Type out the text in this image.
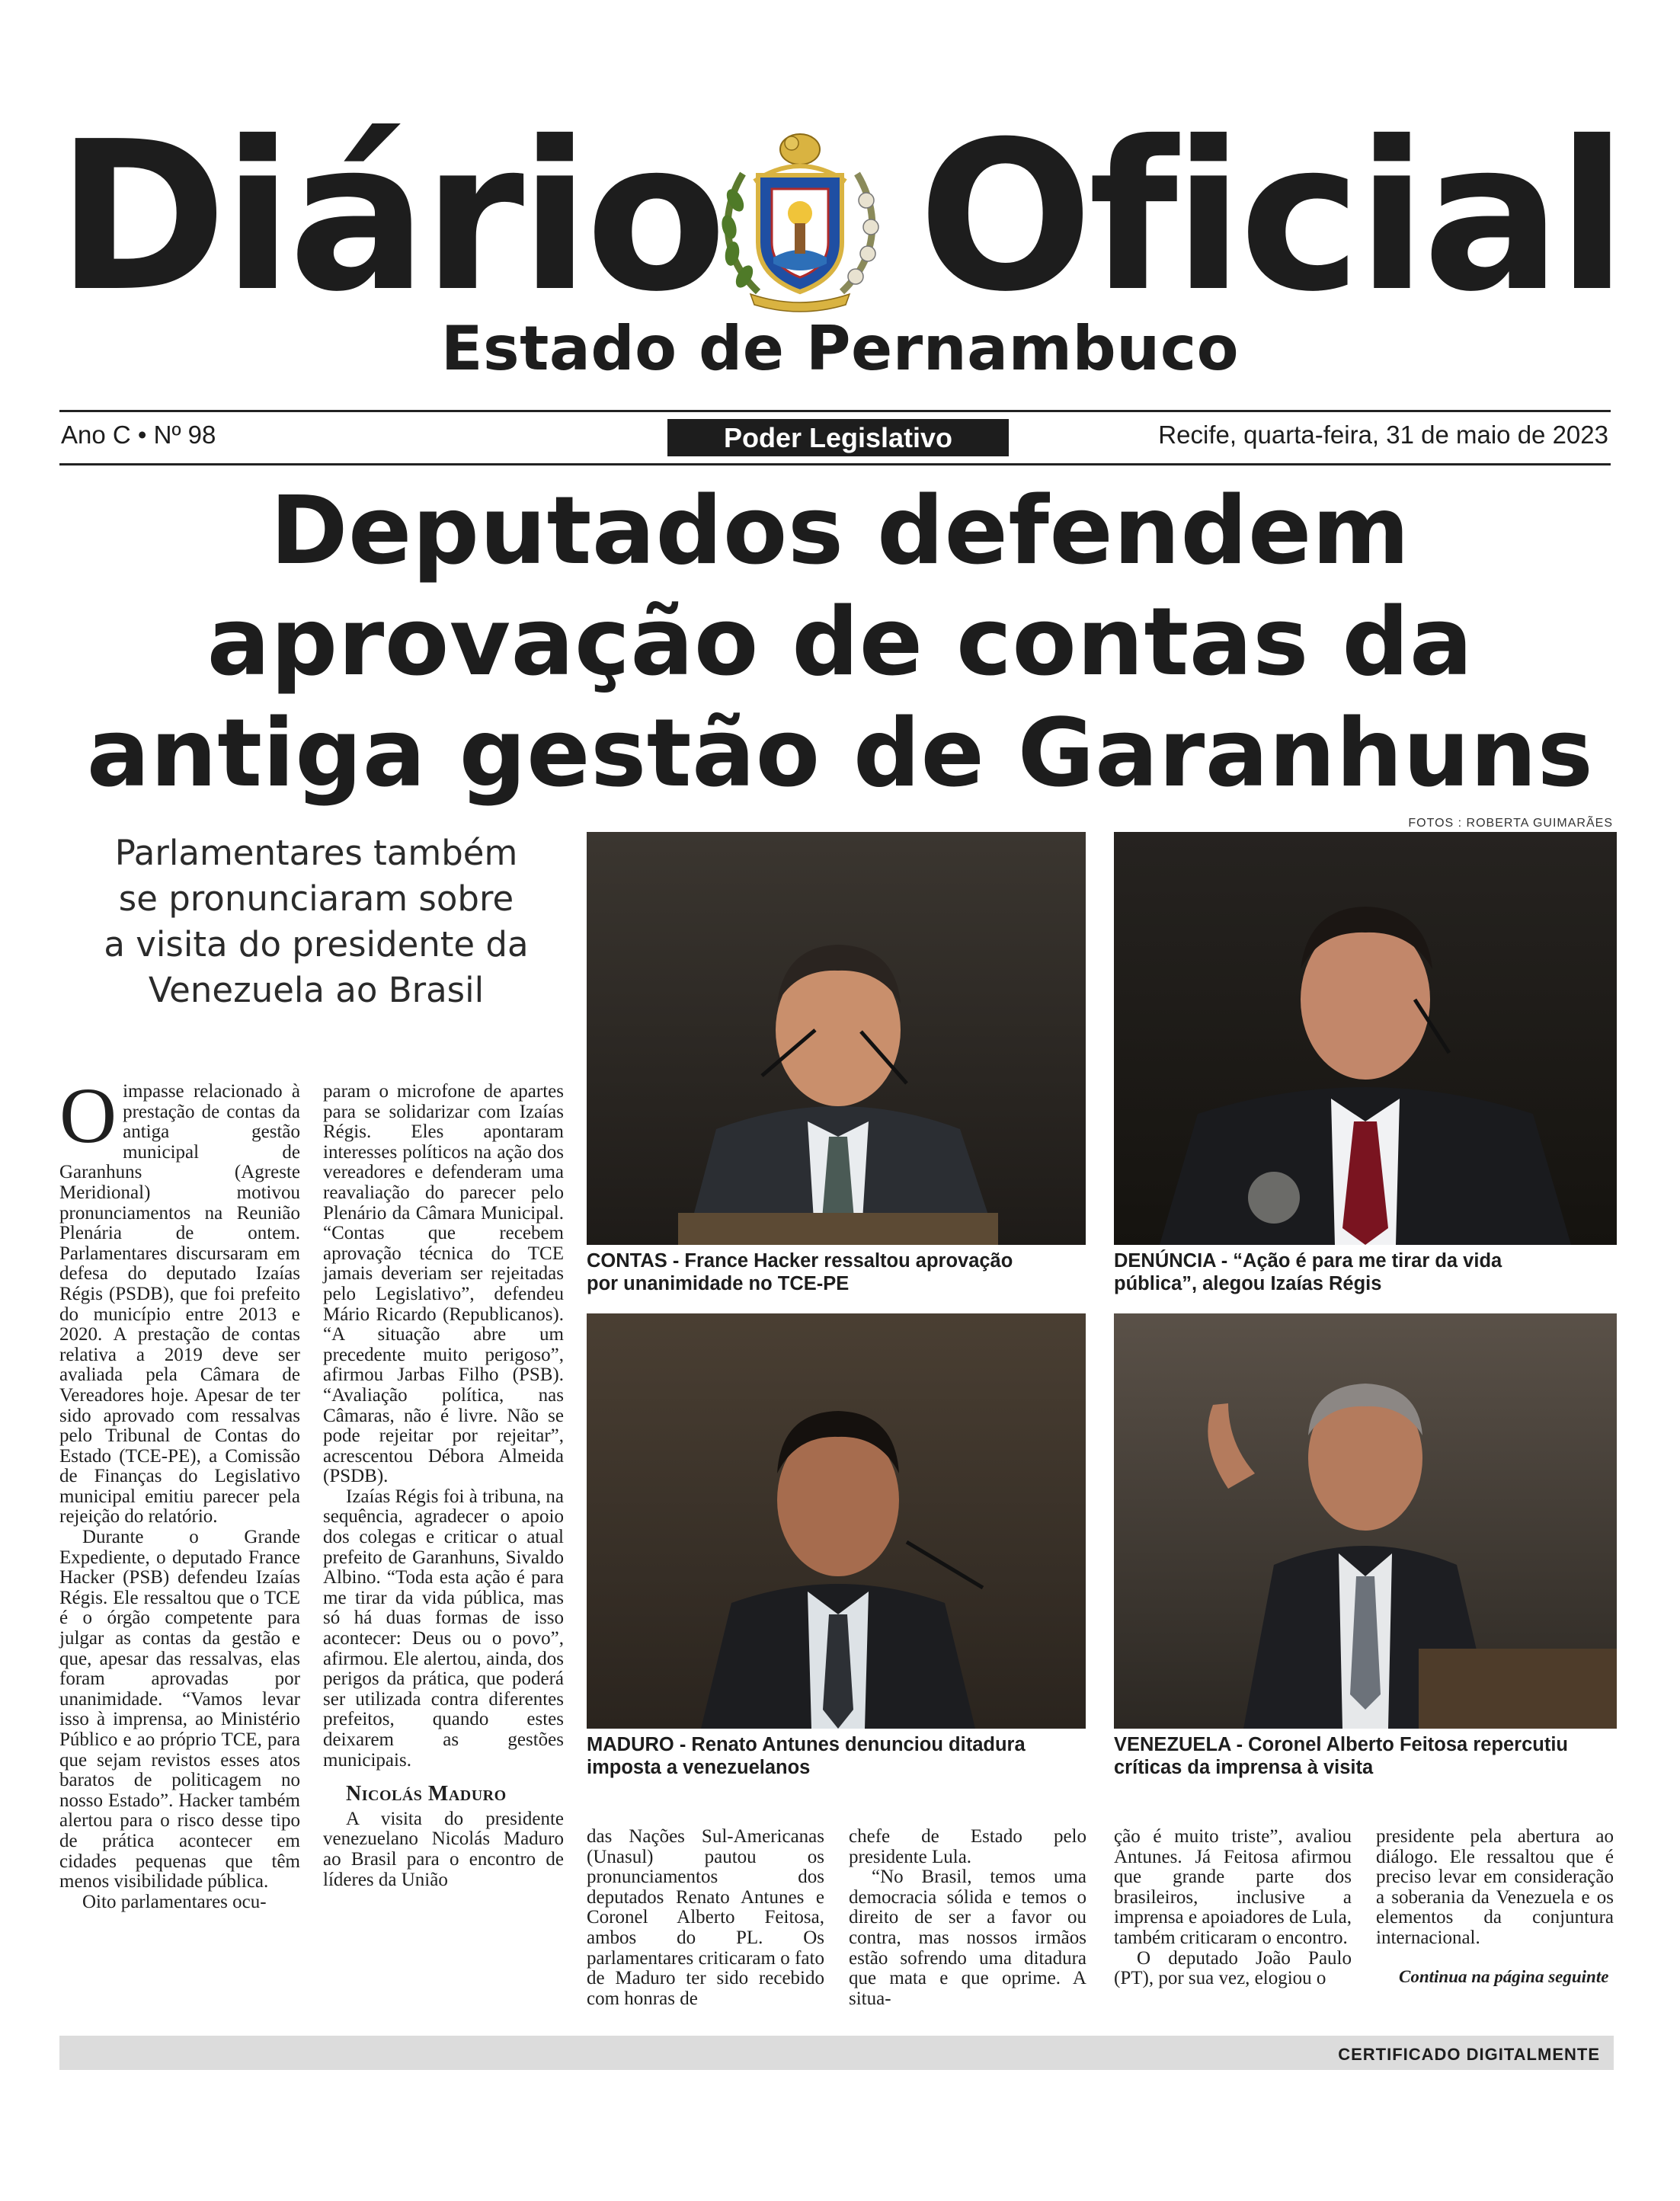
Diário Oficial
Estado de Pernambuco
Ano C • Nº 98	Poder Legislativo	Recife, quarta-feira, 31 de maio de 2023
Deputados defendem
aprovação de contas da
antiga gestão de Garanhuns
FOTOS : ROBERTA GUIMARÃES
Parlamentares também
se pronunciaram sobre
a visita do presidente da
Venezuela ao Brasil

Oimpasse relacionado à prestação de contas da antiga gestão municipal de Garanhuns (Agreste Meridional) motivou pronunciamentos na Reunião Plenária de ontem. Parlamentares discursaram em defesa do deputado Izaías Régis (PSDB), que foi prefeito do município entre 2013 e 2020. A prestação de contas relativa a 2019 deve ser avaliada pela Câmara de Vereadores hoje. Apesar de ter sido aprovado com ressalvas pelo Tribunal de Contas do Estado (TCE-PE), a Comissão de Finanças do Legislativo municipal emitiu parecer pela rejeição do relatório.

Durante o Grande Expediente, o deputado France Hacker (PSB) defendeu Izaías Régis. Ele ressaltou que o TCE é o órgão competente para julgar as contas da gestão e que, apesar das ressalvas, elas foram aprovadas por unanimidade. “Vamos levar isso à imprensa, ao Ministério Público e ao próprio TCE, para que sejam revistos esses atos baratos de politicagem no nosso Estado”. Hacker também alertou para o risco desse tipo de prática acontecer em cidades pequenas que têm menos visibilidade pública.

Oito parlamentares ocu-

param o microfone de apartes para se solidarizar com Izaías Régis. Eles apontaram interesses políticos na ação dos vereadores e defenderam uma reavaliação do parecer pelo Plenário da Câmara Municipal. “Contas que recebem aprovação técnica do TCE jamais deveriam ser rejeitadas pelo Legislativo”, defendeu Mário Ricardo (Republicanos). “A situação abre um precedente muito perigoso”, afirmou Jarbas Filho (PSB). “Avaliação política, nas Câmaras, não é livre. Não se pode rejeitar por rejeitar”, acrescentou Débora Almeida (PSDB).

Izaías Régis foi à tribuna, na sequência, agradecer o apoio dos colegas e criticar o atual prefeito de Garanhuns, Sivaldo Albino. “Toda esta ação é para me tirar da vida pública, mas só há duas formas de isso acontecer: Deus ou o povo”, afirmou. Ele alertou, ainda, dos perigos da prática, que poderá ser utilizada contra diferentes prefeitos, quando estes deixarem as gestões municipais.

Nicolás Maduro

A visita do presidente venezuelano Nicolás Maduro ao Brasil para o encontro de líderes da União

CONTAS - France Hacker ressaltou aprovação
por unanimidade no TCE-PE
DENÚNCIA - “Ação é para me tirar da vida
pública”, alegou Izaías Régis
MADURO - Renato Antunes denunciou ditadura
imposta a venezuelanos
VENEZUELA - Coronel Alberto Feitosa repercutiu
críticas da imprensa à visita

das Nações Sul-Americanas (Unasul) pautou os pronunciamentos dos deputados Renato Antunes e Coronel Alberto Feitosa, ambos do PL. Os parlamentares criticaram o fato de Maduro ter sido recebido com honras de

chefe de Estado pelo presidente Lula.

“No Brasil, temos uma democracia sólida e temos o direito de ser a favor ou contra, mas nossos irmãos estão sofrendo uma ditadura que mata e que oprime. A situa-

ção é muito triste”, avaliou Antunes. Já Feitosa afirmou que grande parte dos brasileiros, inclusive a imprensa e apoiadores de Lula, também criticaram o encontro.

O deputado João Paulo (PT), por sua vez, elogiou o

presidente pela abertura ao diálogo. Ele ressaltou que é preciso levar em consideração a soberania da Venezuela e os elementos da conjuntura internacional.

Continua na página seguinte

CERTIFICADO DIGITALMENTE
